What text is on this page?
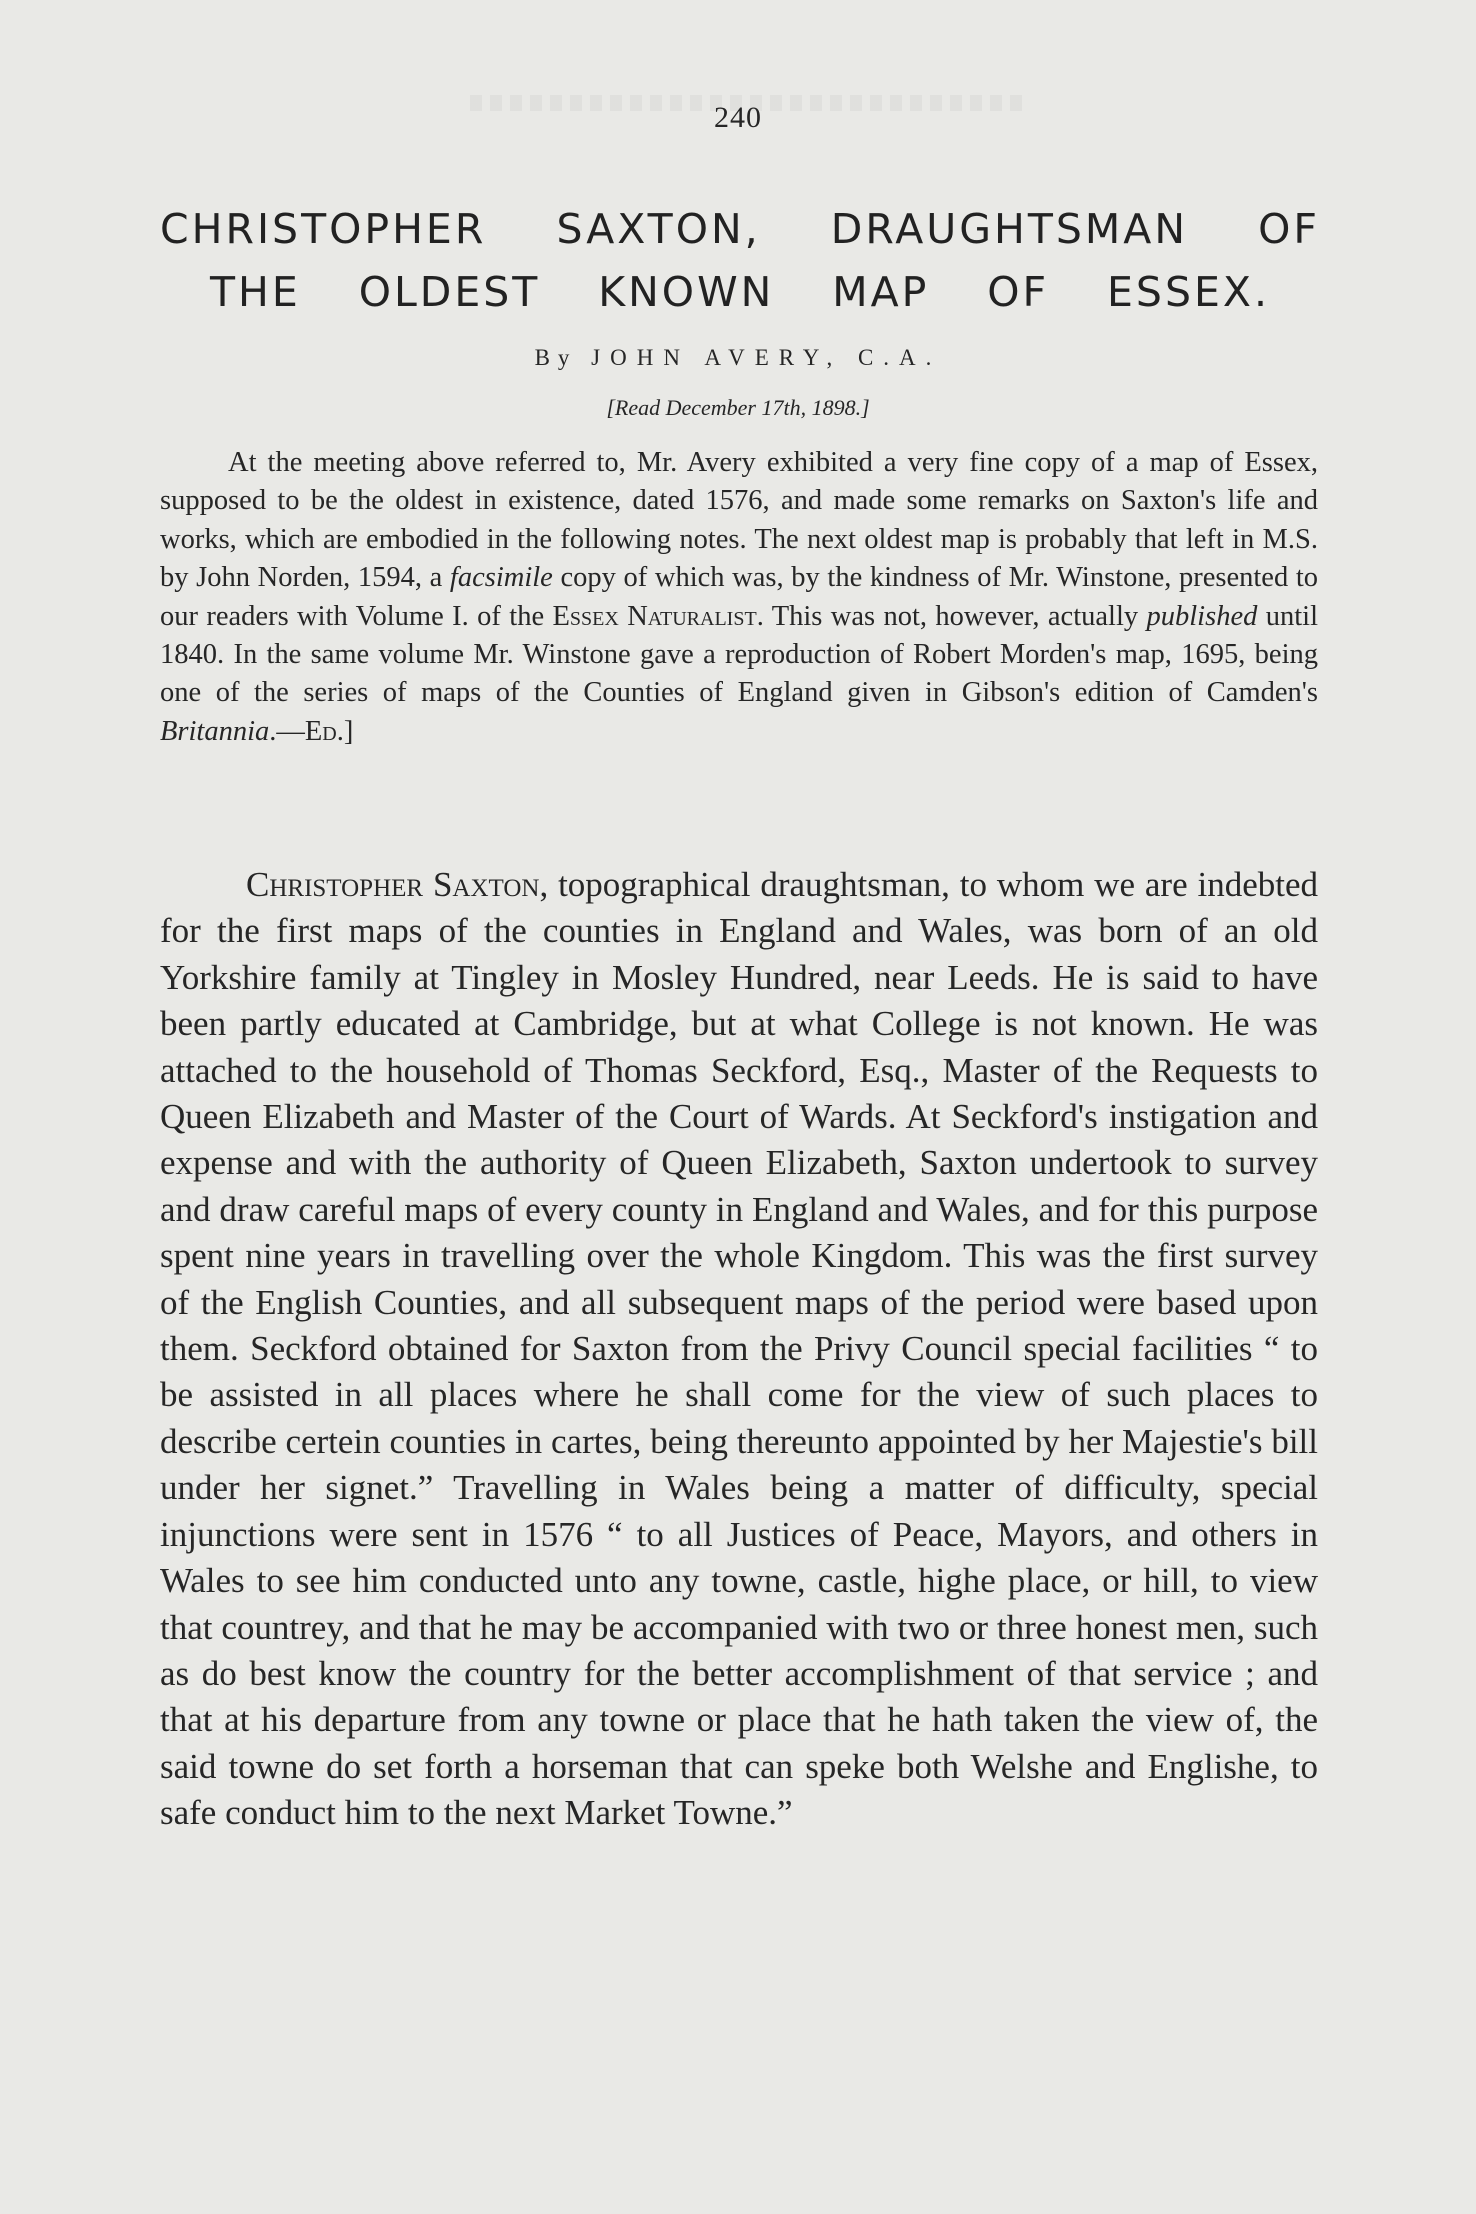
240
CHRISTOPHER SAXTON, DRAUGHTSMAN OF
THE OLDEST KNOWN MAP OF ESSEX.
By JOHN AVERY, C.A.
[Read December 17th, 1898.]

At the meeting above referred to, Mr. Avery exhibited a very fine copy of a map of Essex, supposed to be the oldest in existence, dated 1576, and made some remarks on Saxton's life and works, which are embodied in the following notes. The next oldest map is probably that left in M.S. by John Norden, 1594, a facsimile copy of which was, by the kindness of Mr. Winstone, presented to our readers with Volume I. of the Essex Naturalist. This was not, however, actually published until 1840. In the same volume Mr. Winstone gave a reproduction of Robert Morden's map, 1695, being one of the series of maps of the Counties of England given in Gibson's edition of Camden's Britannia.—Ed.]

Christopher Saxton, topographical draughtsman, to whom we are indebted for the first maps of the counties in England and Wales, was born of an old Yorkshire family at Tingley in Mosley Hundred, near Leeds. He is said to have been partly educated at Cambridge, but at what College is not known. He was attached to the household of Thomas Seckford, Esq., Master of the Requests to Queen Elizabeth and Master of the Court of Wards. At Seckford's instigation and expense and with the authority of Queen Elizabeth, Saxton undertook to survey and draw careful maps of every county in England and Wales, and for this purpose spent nine years in travelling over the whole Kingdom. This was the first survey of the English Counties, and all subsequent maps of the period were based upon them. Seckford obtained for Saxton from the Privy Council special facilities “ to be assisted in all places where he shall come for the view of such places to describe certein counties in cartes, being thereunto appointed by her Majestie's bill under her signet.” Travelling in Wales being a matter of difficulty, special injunctions were sent in 1576 “ to all Justices of Peace, Mayors, and others in Wales to see him conducted unto any towne, castle, highe place, or hill, to view that countrey, and that he may be accompanied with two or three honest men, such as do best know the country for the better accomplishment of that service ; and that at his departure from any towne or place that he hath taken the view of, the said towne do set forth a horseman that can speke both Welshe and Englishe, to safe conduct him to the next Market Towne.”
